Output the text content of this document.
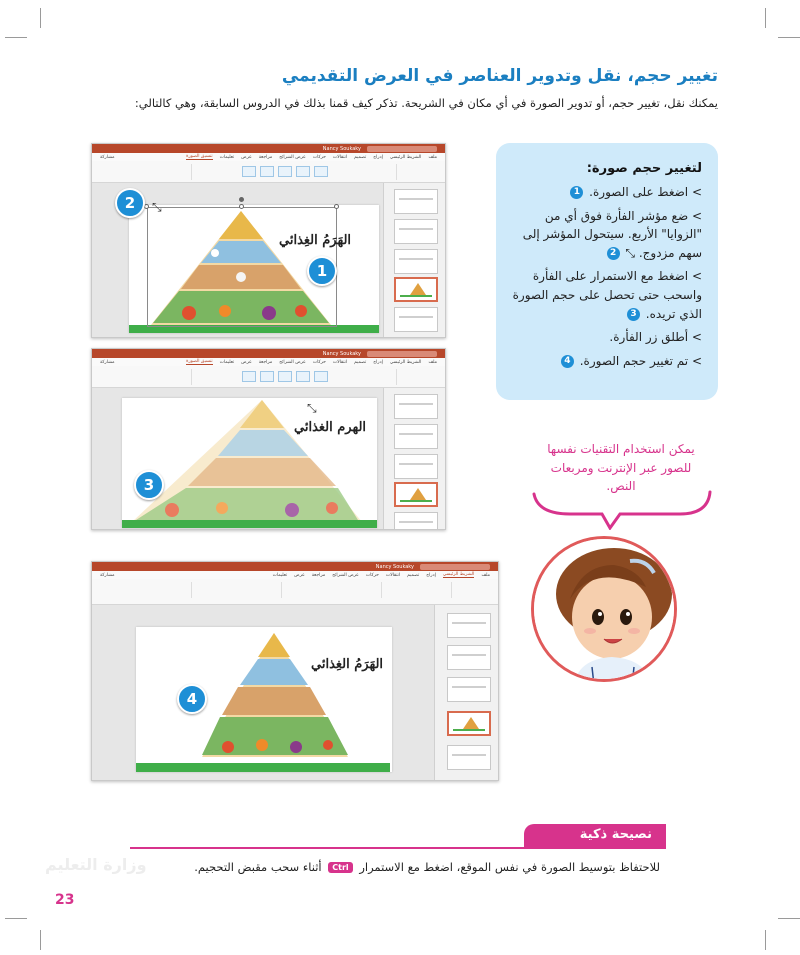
تغيير حجم، نقل وتدوير العناصر في العرض التقديمي
يمكنك نقل، تغيير حجم، أو تدوير الصورة في أي مكان في الشريحة. تذكر كيف قمنا بذلك في الدروس السابقة، وهي كالتالي:
Nancy Soukaky
ملف
الشريط الرئيسي
إدراج
تصميم
انتقالات
حركات
عرض الشرائح
مراجعة
عرض
تعليمات
تنسيق الصورة
مشاركة
الهَرَمُ الغِذائي
2	⤡
1
Nancy Soukaky
ملف
الشريط الرئيسي
إدراج
تصميم
انتقالات
حركات
عرض الشرائح
مراجعة
عرض
تعليمات
تنسيق الصورة
مشاركة
الهرم الغذائي
⤡
3
Nancy Soukaky
ملف
الشريط الرئيسي
إدراج
تصميم
انتقالات
حركات
عرض الشرائح
مراجعة
عرض
تعليمات
مشاركة
الهَرَمُ الغِذائي
4
لتغيير حجم صورة:
> اضغط على الصورة. 1
> ضع مؤشر الفأرة فوق أي من "الزوايا" الأربع. سيتحول المؤشر إلى سهم مزدوج. ⤡ 2
> اضغط مع الاستمرار على الفأرة واسحب حتى تحصل على حجم الصورة الذي تريده. 3
> أطلق زر الفأرة.
> تم تغيير حجم الصورة. 4
يمكن استخدام التقنيات نفسها للصور عبر الإنترنت ومربعات النص.
وزارة التعليم
نصيحة ذكية
للاحتفاظ بتوسيط الصورة في نفس الموقع، اضغط مع الاستمرار Ctrl أثناء سحب مقبض التحجيم.
23
